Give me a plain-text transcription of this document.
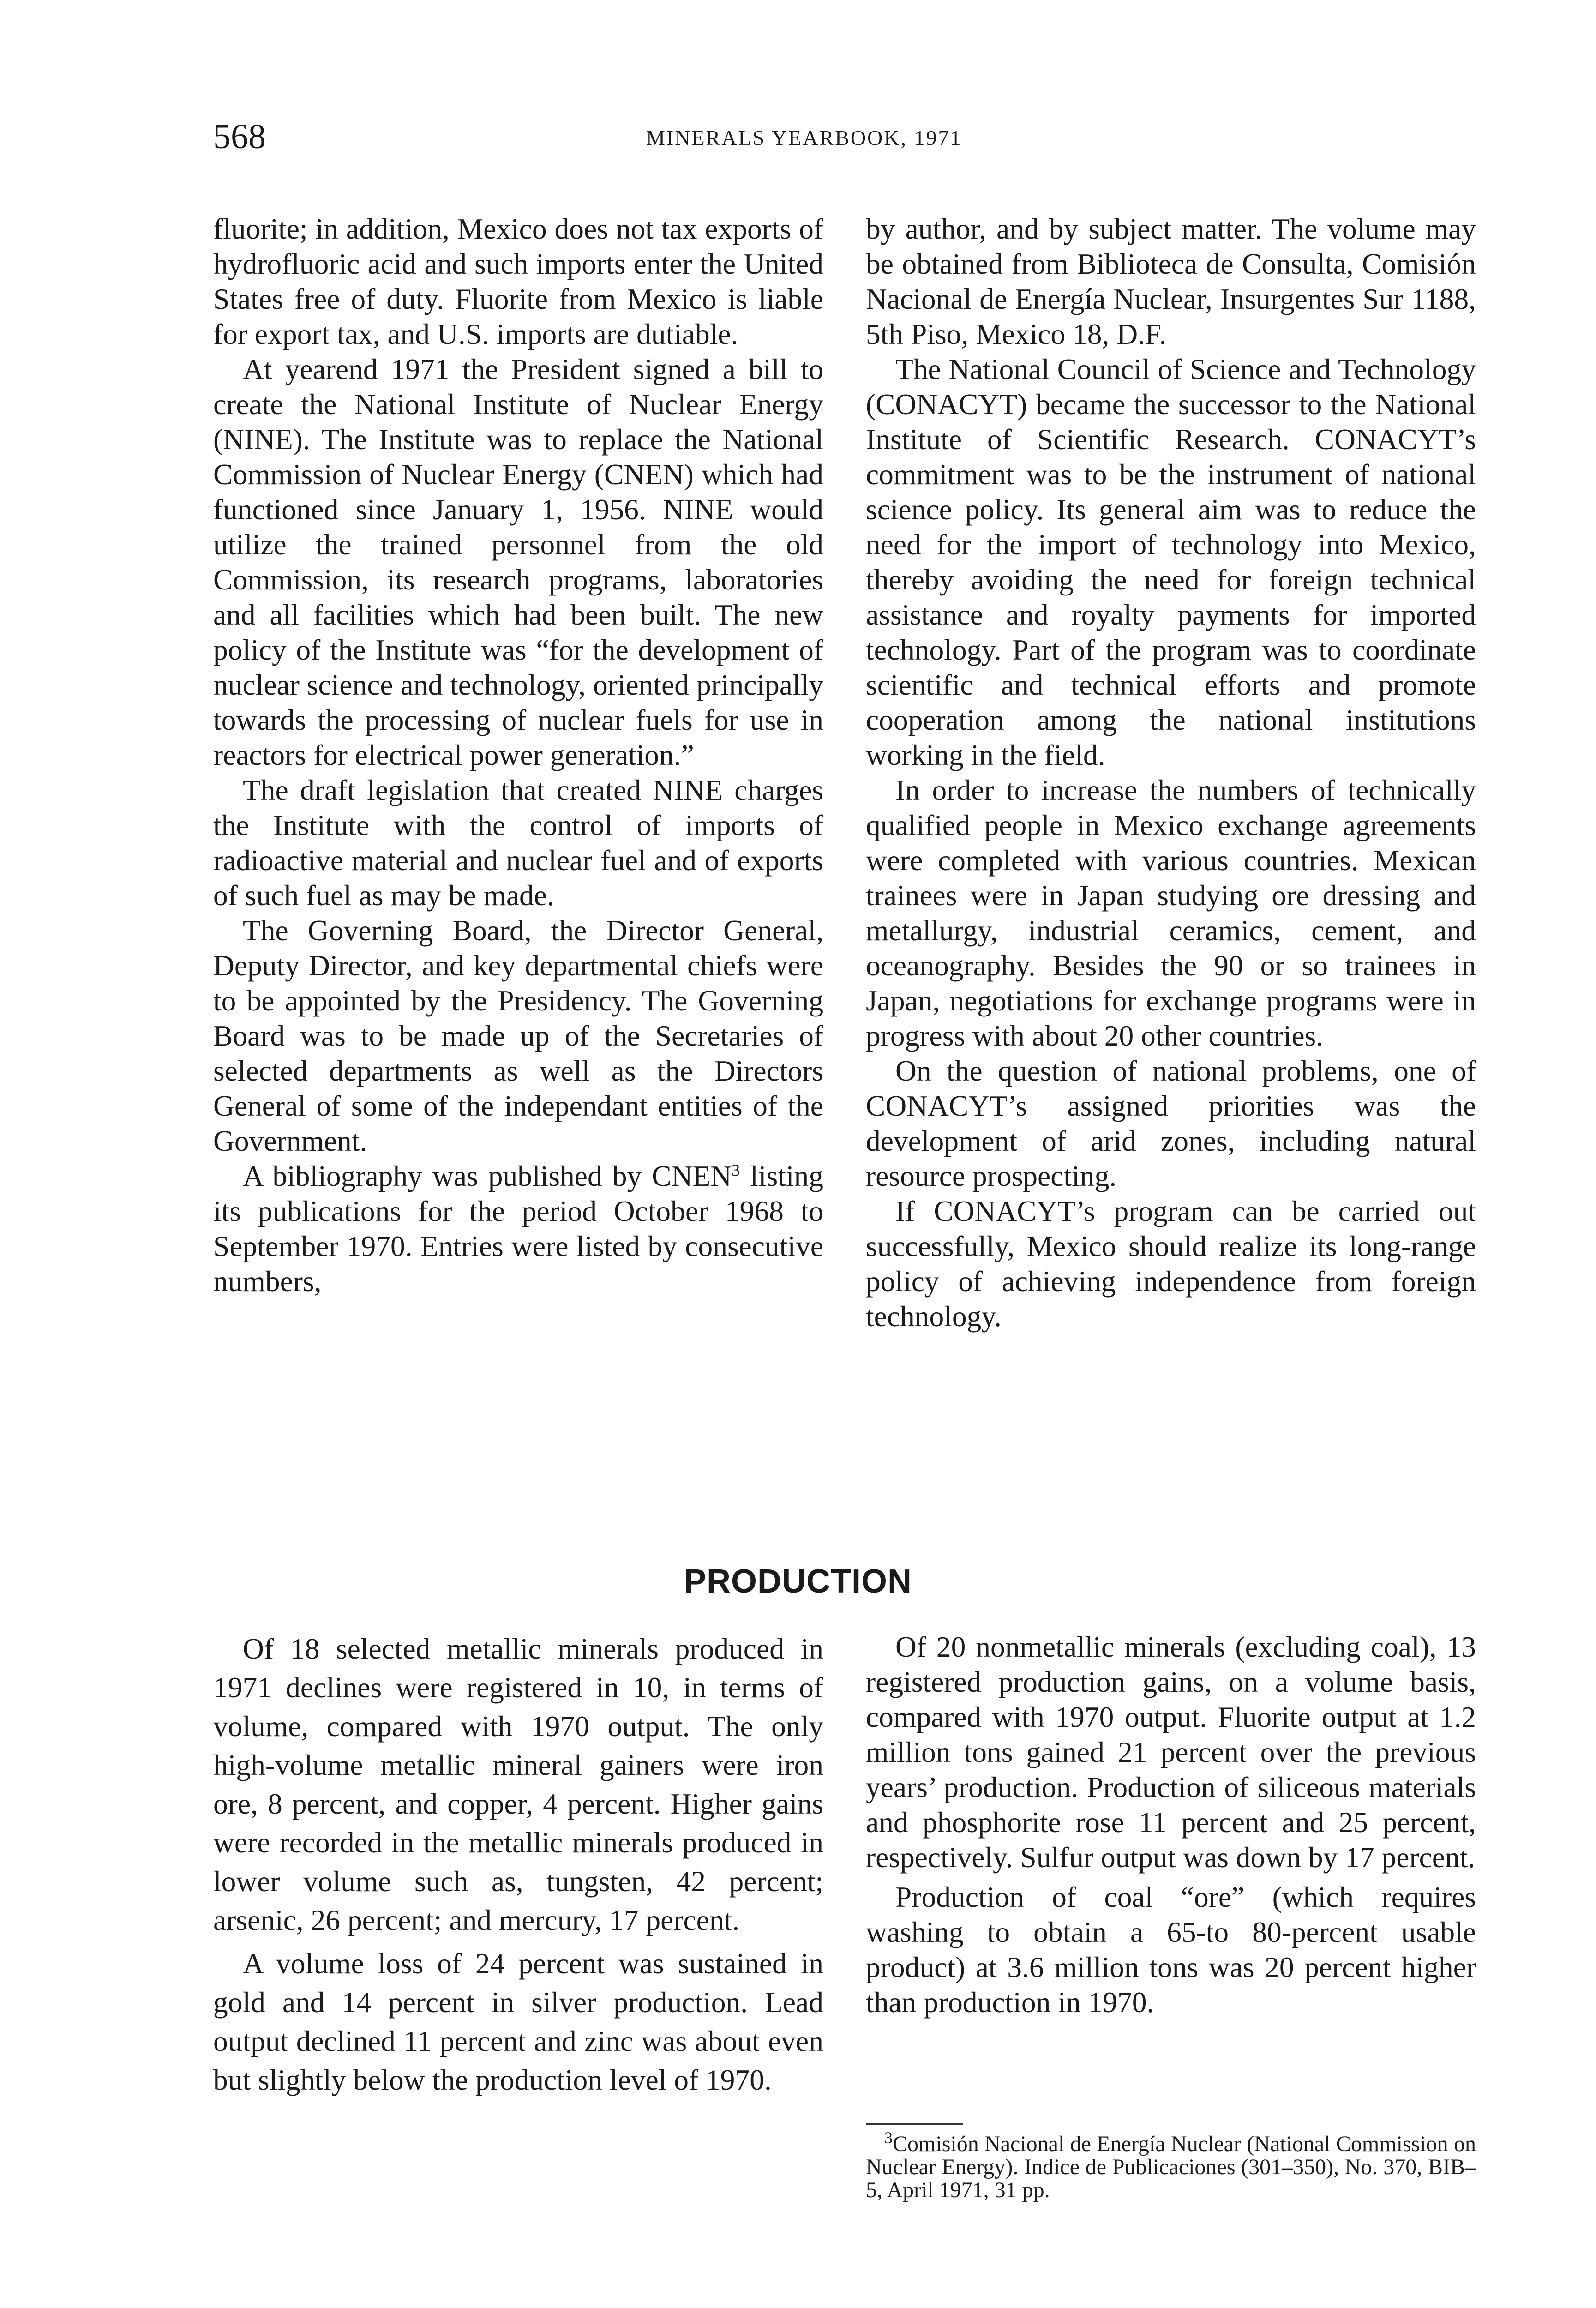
568	MINERALS YEARBOOK, 1971

fluorite; in addition, Mexico does not tax exports of hydrofluoric acid and such imports enter the United States free of duty. Fluorite from Mexico is liable for export tax, and U.S. imports are dutiable.

At yearend 1971 the President signed a bill to create the National Institute of Nuclear Energy (NINE). The Institute was to replace the National Commission of Nuclear Energy (CNEN) which had functioned since January 1, 1956. NINE would utilize the trained personnel from the old Commission, its research programs, laboratories and all facilities which had been built. The new policy of the Institute was “for the development of nuclear science and technology, oriented principally towards the processing of nuclear fuels for use in reactors for electrical power generation.”

The draft legislation that created NINE charges the Institute with the control of imports of radioactive material and nuclear fuel and of exports of such fuel as may be made.

The Governing Board, the Director General, Deputy Director, and key departmental chiefs were to be appointed by the Presidency. The Governing Board was to be made up of the Secretaries of selected departments as well as the Directors General of some of the independant entities of the Government.

A bibliography was published by CNEN$^3$ listing its publications for the period October 1968 to September 1970. Entries were listed by consecutive numbers,

by author, and by subject matter. The volume may be obtained from Biblioteca de Consulta, Comisión Nacional de Energía Nuclear, Insurgentes Sur 1188, 5th Piso, Mexico 18, D.F.

The National Council of Science and Technology (CONACYT) became the successor to the National Institute of Scientific Research. CONACYT’s commitment was to be the instrument of national science policy. Its general aim was to reduce the need for the import of technology into Mexico, thereby avoiding the need for foreign technical assistance and royalty payments for imported technology. Part of the program was to coordinate scientific and technical efforts and promote cooperation among the national institutions working in the field.

In order to increase the numbers of technically qualified people in Mexico exchange agreements were completed with various countries. Mexican trainees were in Japan studying ore dressing and metallurgy, industrial ceramics, cement, and oceanography. Besides the 90 or so trainees in Japan, negotiations for exchange programs were in progress with about 20 other countries.

On the question of national problems, one of CONACYT’s assigned priorities was the development of arid zones, including natural resource prospecting.

If CONACYT’s program can be carried out successfully, Mexico should realize its long-range policy of achieving independence from foreign technology.

PRODUCTION

Of 18 selected metallic minerals produced in 1971 declines were registered in 10, in terms of volume, compared with 1970 output. The only high-volume metallic mineral gainers were iron ore, 8 percent, and copper, 4 percent. Higher gains were recorded in the metallic minerals produced in lower volume such as, tungsten, 42 percent; arsenic, 26 percent; and mercury, 17 percent.

A volume loss of 24 percent was sustained in gold and 14 percent in silver production. Lead output declined 11 percent and zinc was about even but slightly below the production level of 1970.

Of 20 nonmetallic minerals (excluding coal), 13 registered production gains, on a volume basis, compared with 1970 output. Fluorite output at 1.2 million tons gained 21 percent over the previous years’ production. Production of siliceous materials and phosphorite rose 11 percent and 25 percent, respectively. Sulfur output was down by 17 percent.

Production of coal “ore” (which requires washing to obtain a 65-to 80-percent usable product) at 3.6 million tons was 20 percent higher than production in 1970.

$^3$Comisión Nacional de Energía Nuclear (National Commission on Nuclear Energy). Indice de Publicaciones (301–350), No. 370, BIB–5, April 1971, 31 pp.
